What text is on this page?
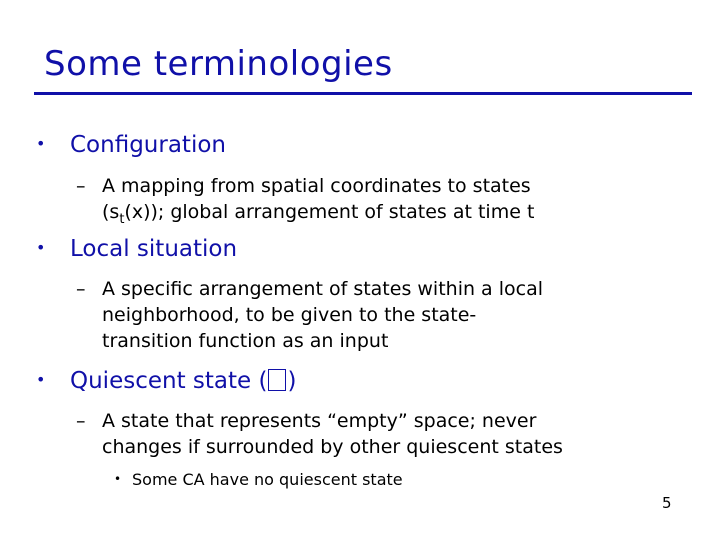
Some terminologies
• Configuration
– A mapping from spatial coordinates to states
$(s_t(x))$; global arrangement of states at time t
• Local situation
– A specific arrangement of states within a local
neighborhood, to be given to the state-
transition function as an input
• Quiescent state ( )
– A state that represents “empty” space; never
changes if surrounded by other quiescent states
• Some CA have no quiescent state
5
